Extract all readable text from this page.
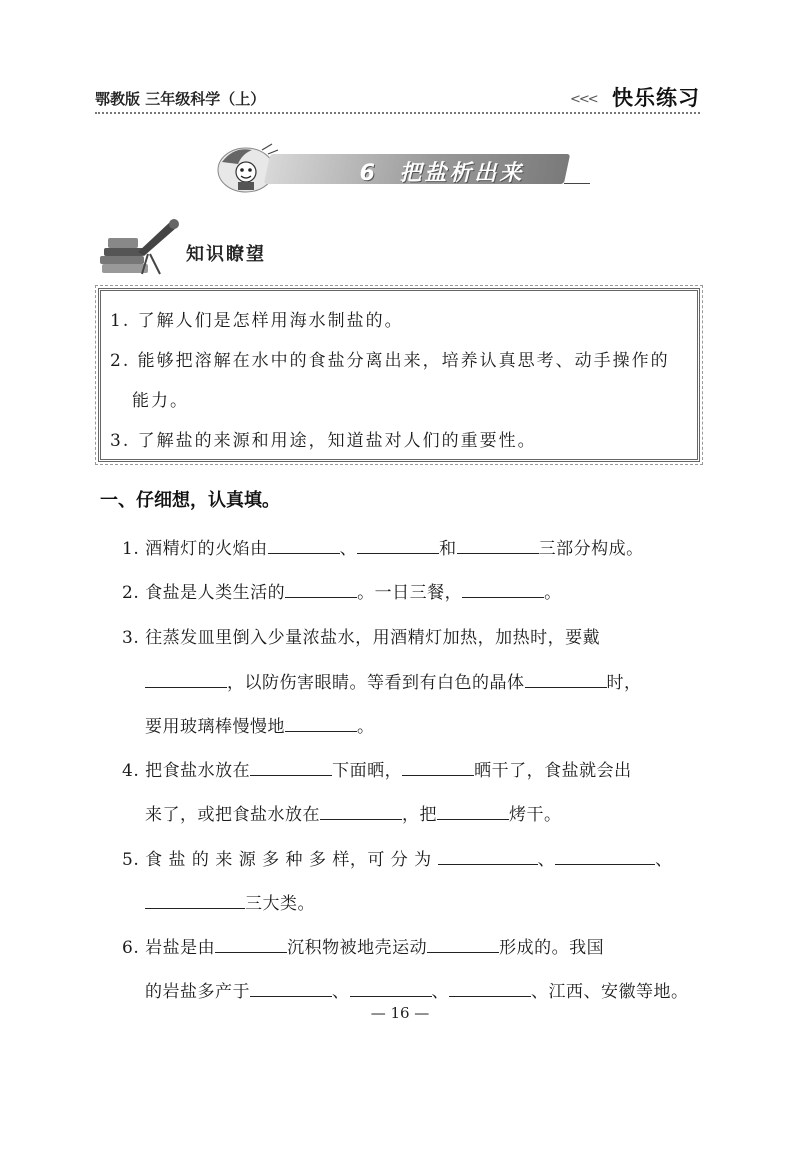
鄂教版 三年级科学（上）	<<< 快乐练习
6 把盐析出来
知识瞭望
1. 了解人们是怎样用海水制盐的。
2. 能够把溶解在水中的食盐分离出来，培养认真思考、动手操作的
能力。
3. 了解盐的来源和用途，知道盐对人们的重要性。
一、仔细想，认真填。
1. 酒精灯的火焰由	、	和	三部分构成。
2. 食盐是人类生活的	。一日三餐，	。
3. 往蒸发皿里倒入少量浓盐水，用酒精灯加热，加热时，要戴
，以防伤害眼睛。等看到有白色的晶体	时，
要用玻璃棒慢慢地	。
4. 把食盐水放在	下面晒，	晒干了，食盐就会出
来了，或把食盐水放在	，把	烤干。
5. 食 盐 的 来 源 多 种 多 样，可 分 为	、	、
三大类。
6. 岩盐是由	沉积物被地壳运动	形成的。我国
的岩盐多产于	、	、	、江西、安徽等地。
— 16 —
